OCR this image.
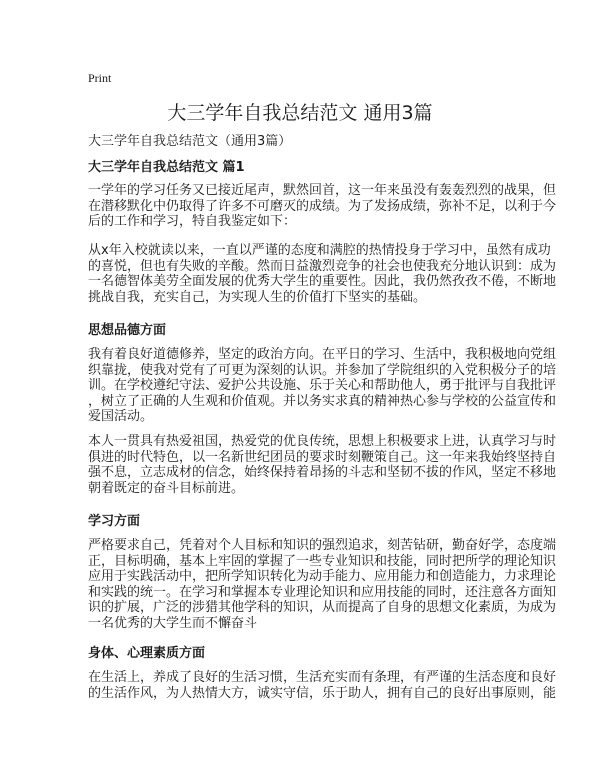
Print
大三学年自我总结范文 通用3篇
大三学年自我总结范文（通用3篇）
大三学年自我总结范文 篇1
一学年的学习任务又已接近尾声，默然回首，这一年来虽没有轰轰烈烈的战果，但
在潜移默化中仍取得了许多不可磨灭的成绩。为了发扬成绩，弥补不足，以利于今
后的工作和学习，特自我鉴定如下：
从x年入校就读以来，一直以严谨的态度和满腔的热情投身于学习中，虽然有成功
的喜悦，但也有失败的辛酸。然而日益激烈竞争的社会也使我充分地认识到：成为
一名德智体美劳全面发展的优秀大学生的重要性。因此，我仍然孜孜不倦，不断地
挑战自我，充实自己，为实现人生的价值打下坚实的基础。
思想品德方面
我有着良好道德修养，坚定的政治方向。在平日的学习、生活中，我积极地向党组
织靠拢，使我对党有了可更为深刻的认识。并参加了学院组织的入党积极分子的培
训。在学校遵纪守法、爱护公共设施、乐于关心和帮助他人，勇于批评与自我批评
，树立了正确的人生观和价值观。并以务实求真的精神热心参与学校的公益宣传和
爱国活动。
本人一贯具有热爱祖国，热爱党的优良传统，思想上积极要求上进，认真学习与时
俱进的时代特色，以一名新世纪团员的要求时刻鞭策自己。这一年来我始终坚持自
强不息，立志成材的信念，始终保持着昂扬的斗志和坚韧不拔的作风，坚定不移地
朝着既定的奋斗目标前进。
学习方面
严格要求自己，凭着对个人目标和知识的强烈追求，刻苦钻研，勤奋好学，态度端
正，目标明确，基本上牢固的掌握了一些专业知识和技能，同时把所学的理论知识
应用于实践活动中，把所学知识转化为动手能力、应用能力和创造能力，力求理论
和实践的统一。在学习和掌握本专业理论知识和应用技能的同时，还注意各方面知
识的扩展，广泛的涉猎其他学科的知识，从而提高了自身的思想文化素质，为成为
一名优秀的大学生而不懈奋斗
身体、心理素质方面
在生活上，养成了良好的生活习惯，生活充实而有条理，有严谨的生活态度和良好
的生活作风，为人热情大方，诚实守信，乐于助人，拥有自己的良好出事原则，能
